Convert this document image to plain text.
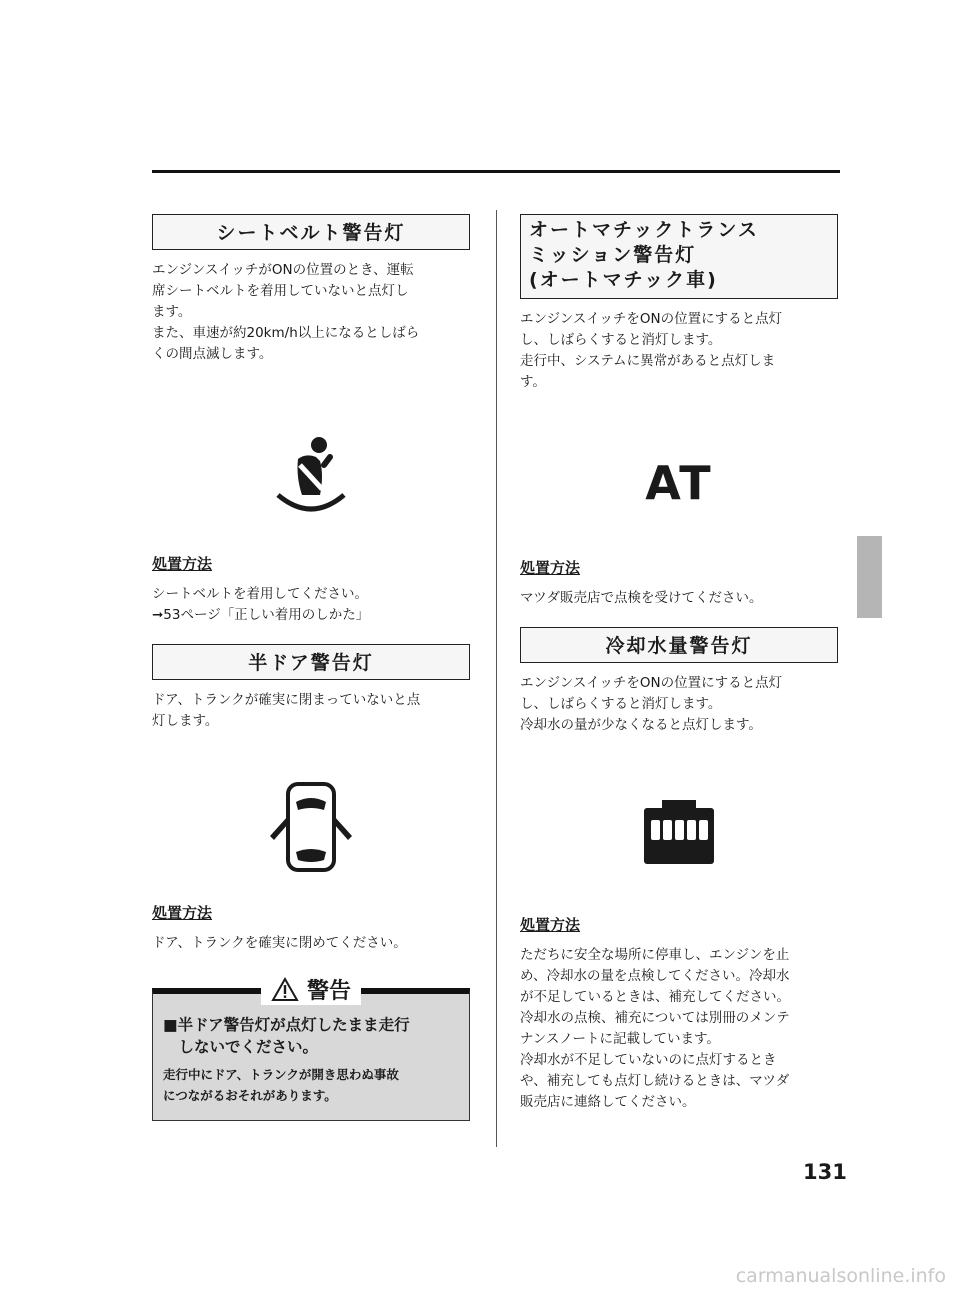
シートベルト警告灯

エンジンスイッチがONの位置のとき、運転

席シートベルトを着用していないと点灯し

ます。

また、車速が約20km/h以上になるとしばら

くの間点滅します。

処置方法

シートベルトを着用してください。

➞53ページ「正しい着用のしかた」

半ドア警告灯

ドア、トランクが確実に閉まっていないと点

灯します。

処置方法

ドア、トランクを確実に閉めてください。

警告
■半ドア警告灯が点灯したまま走行
　しないでください。
走行中にドア、トランクが開き思わぬ事故
につながるおそれがあります。
オートマチックトランス
ミッション警告灯
(オートマチック車)

エンジンスイッチをONの位置にすると点灯

し、しばらくすると消灯します。

走行中、システムに異常があると点灯しま

す。

AT
処置方法

マツダ販売店で点検を受けてください。

冷却水量警告灯

エンジンスイッチをONの位置にすると点灯

し、しばらくすると消灯します。

冷却水の量が少なくなると点灯します。

処置方法

ただちに安全な場所に停車し、エンジンを止

め、冷却水の量を点検してください。冷却水

が不足しているときは、補充してください。

冷却水の点検、補充については別冊のメンテ

ナンスノートに記載しています。

冷却水が不足していないのに点灯するとき

や、補充しても点灯し続けるときは、マツダ

販売店に連絡してください。

131
carmanualsonline.info
